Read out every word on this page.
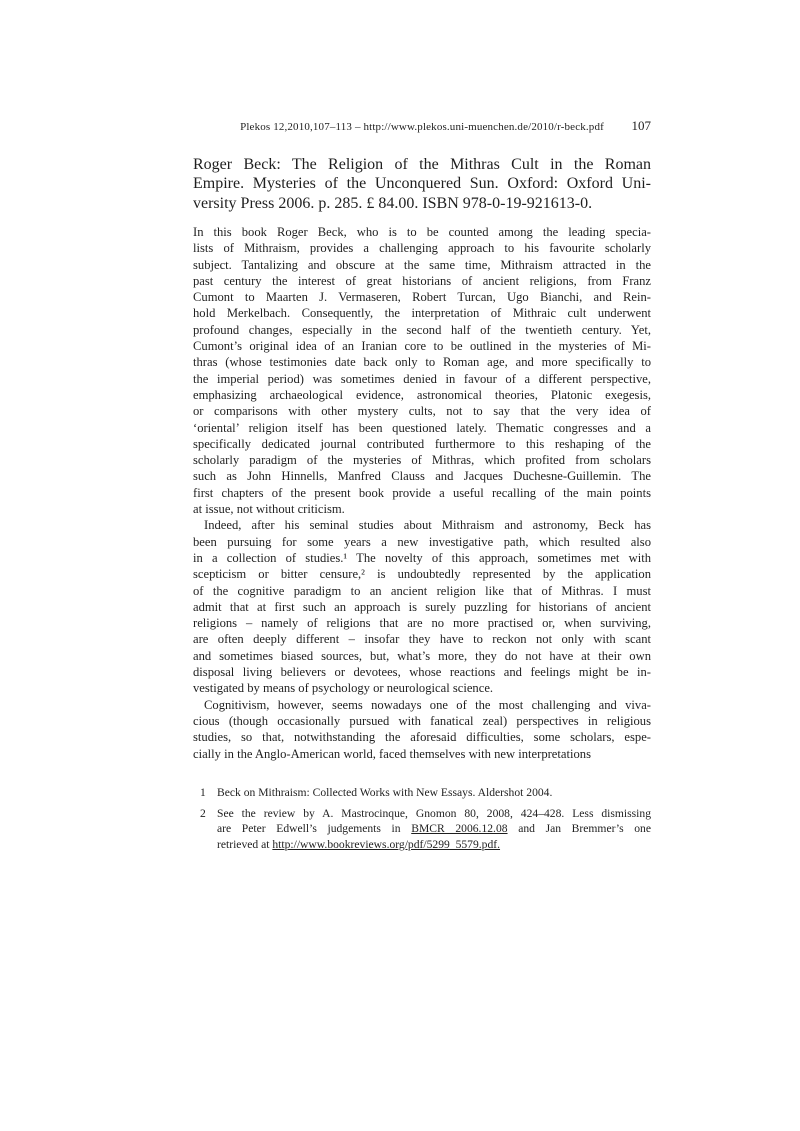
Plekos 12,2010,107–113 – http://www.plekos.uni-muenchen.de/2010/r-beck.pdf	107
Roger Beck: The Religion of the Mithras Cult in the Roman
Empire. Mysteries of the Unconquered Sun. Oxford: Oxford Uni-
versity Press 2006. p. 285. £ 84.00. ISBN 978-0-19-921613-0.
In this book Roger Beck, who is to be counted among the leading specia-
lists of Mithraism, provides a challenging approach to his favourite scholarly
subject. Tantalizing and obscure at the same time, Mithraism attracted in the
past century the interest of great historians of ancient religions, from Franz
Cumont to Maarten J. Vermaseren, Robert Turcan, Ugo Bianchi, and Rein-
hold Merkelbach. Consequently, the interpretation of Mithraic cult underwent
profound changes, especially in the second half of the twentieth century. Yet,
Cumont’s original idea of an Iranian core to be outlined in the mysteries of Mi-
thras (whose testimonies date back only to Roman age, and more specifically to
the imperial period) was sometimes denied in favour of a different perspective,
emphasizing archaeological evidence, astronomical theories, Platonic exegesis,
or comparisons with other mystery cults, not to say that the very idea of
‘oriental’ religion itself has been questioned lately. Thematic congresses and a
specifically dedicated journal contributed furthermore to this reshaping of the
scholarly paradigm of the mysteries of Mithras, which profited from scholars
such as John Hinnells, Manfred Clauss and Jacques Duchesne-Guillemin. The
first chapters of the present book provide a useful recalling of the main points
at issue, not without criticism.
Indeed, after his seminal studies about Mithraism and astronomy, Beck has
been pursuing for some years a new investigative path, which resulted also
in a collection of studies.¹ The novelty of this approach, sometimes met with
scepticism or bitter censure,² is undoubtedly represented by the application
of the cognitive paradigm to an ancient religion like that of Mithras. I must
admit that at first such an approach is surely puzzling for historians of ancient
religions – namely of religions that are no more practised or, when surviving,
are often deeply different – insofar they have to reckon not only with scant
and sometimes biased sources, but, what’s more, they do not have at their own
disposal living believers or devotees, whose reactions and feelings might be in-
vestigated by means of psychology or neurological science.
Cognitivism, however, seems nowadays one of the most challenging and viva-
cious (though occasionally pursued with fanatical zeal) perspectives in religious
studies, so that, notwithstanding the aforesaid difficulties, some scholars, espe-
cially in the Anglo-American world, faced themselves with new interpretations
1 Beck on Mithraism: Collected Works with New Essays. Aldershot 2004.
2 See the review by A. Mastrocinque, Gnomon 80, 2008, 424–428. Less dismissing
are Peter Edwell’s judgements in BMCR 2006.12.08 and Jan Bremmer’s one
retrieved at http://www.bookreviews.org/pdf/5299_5579.pdf.
